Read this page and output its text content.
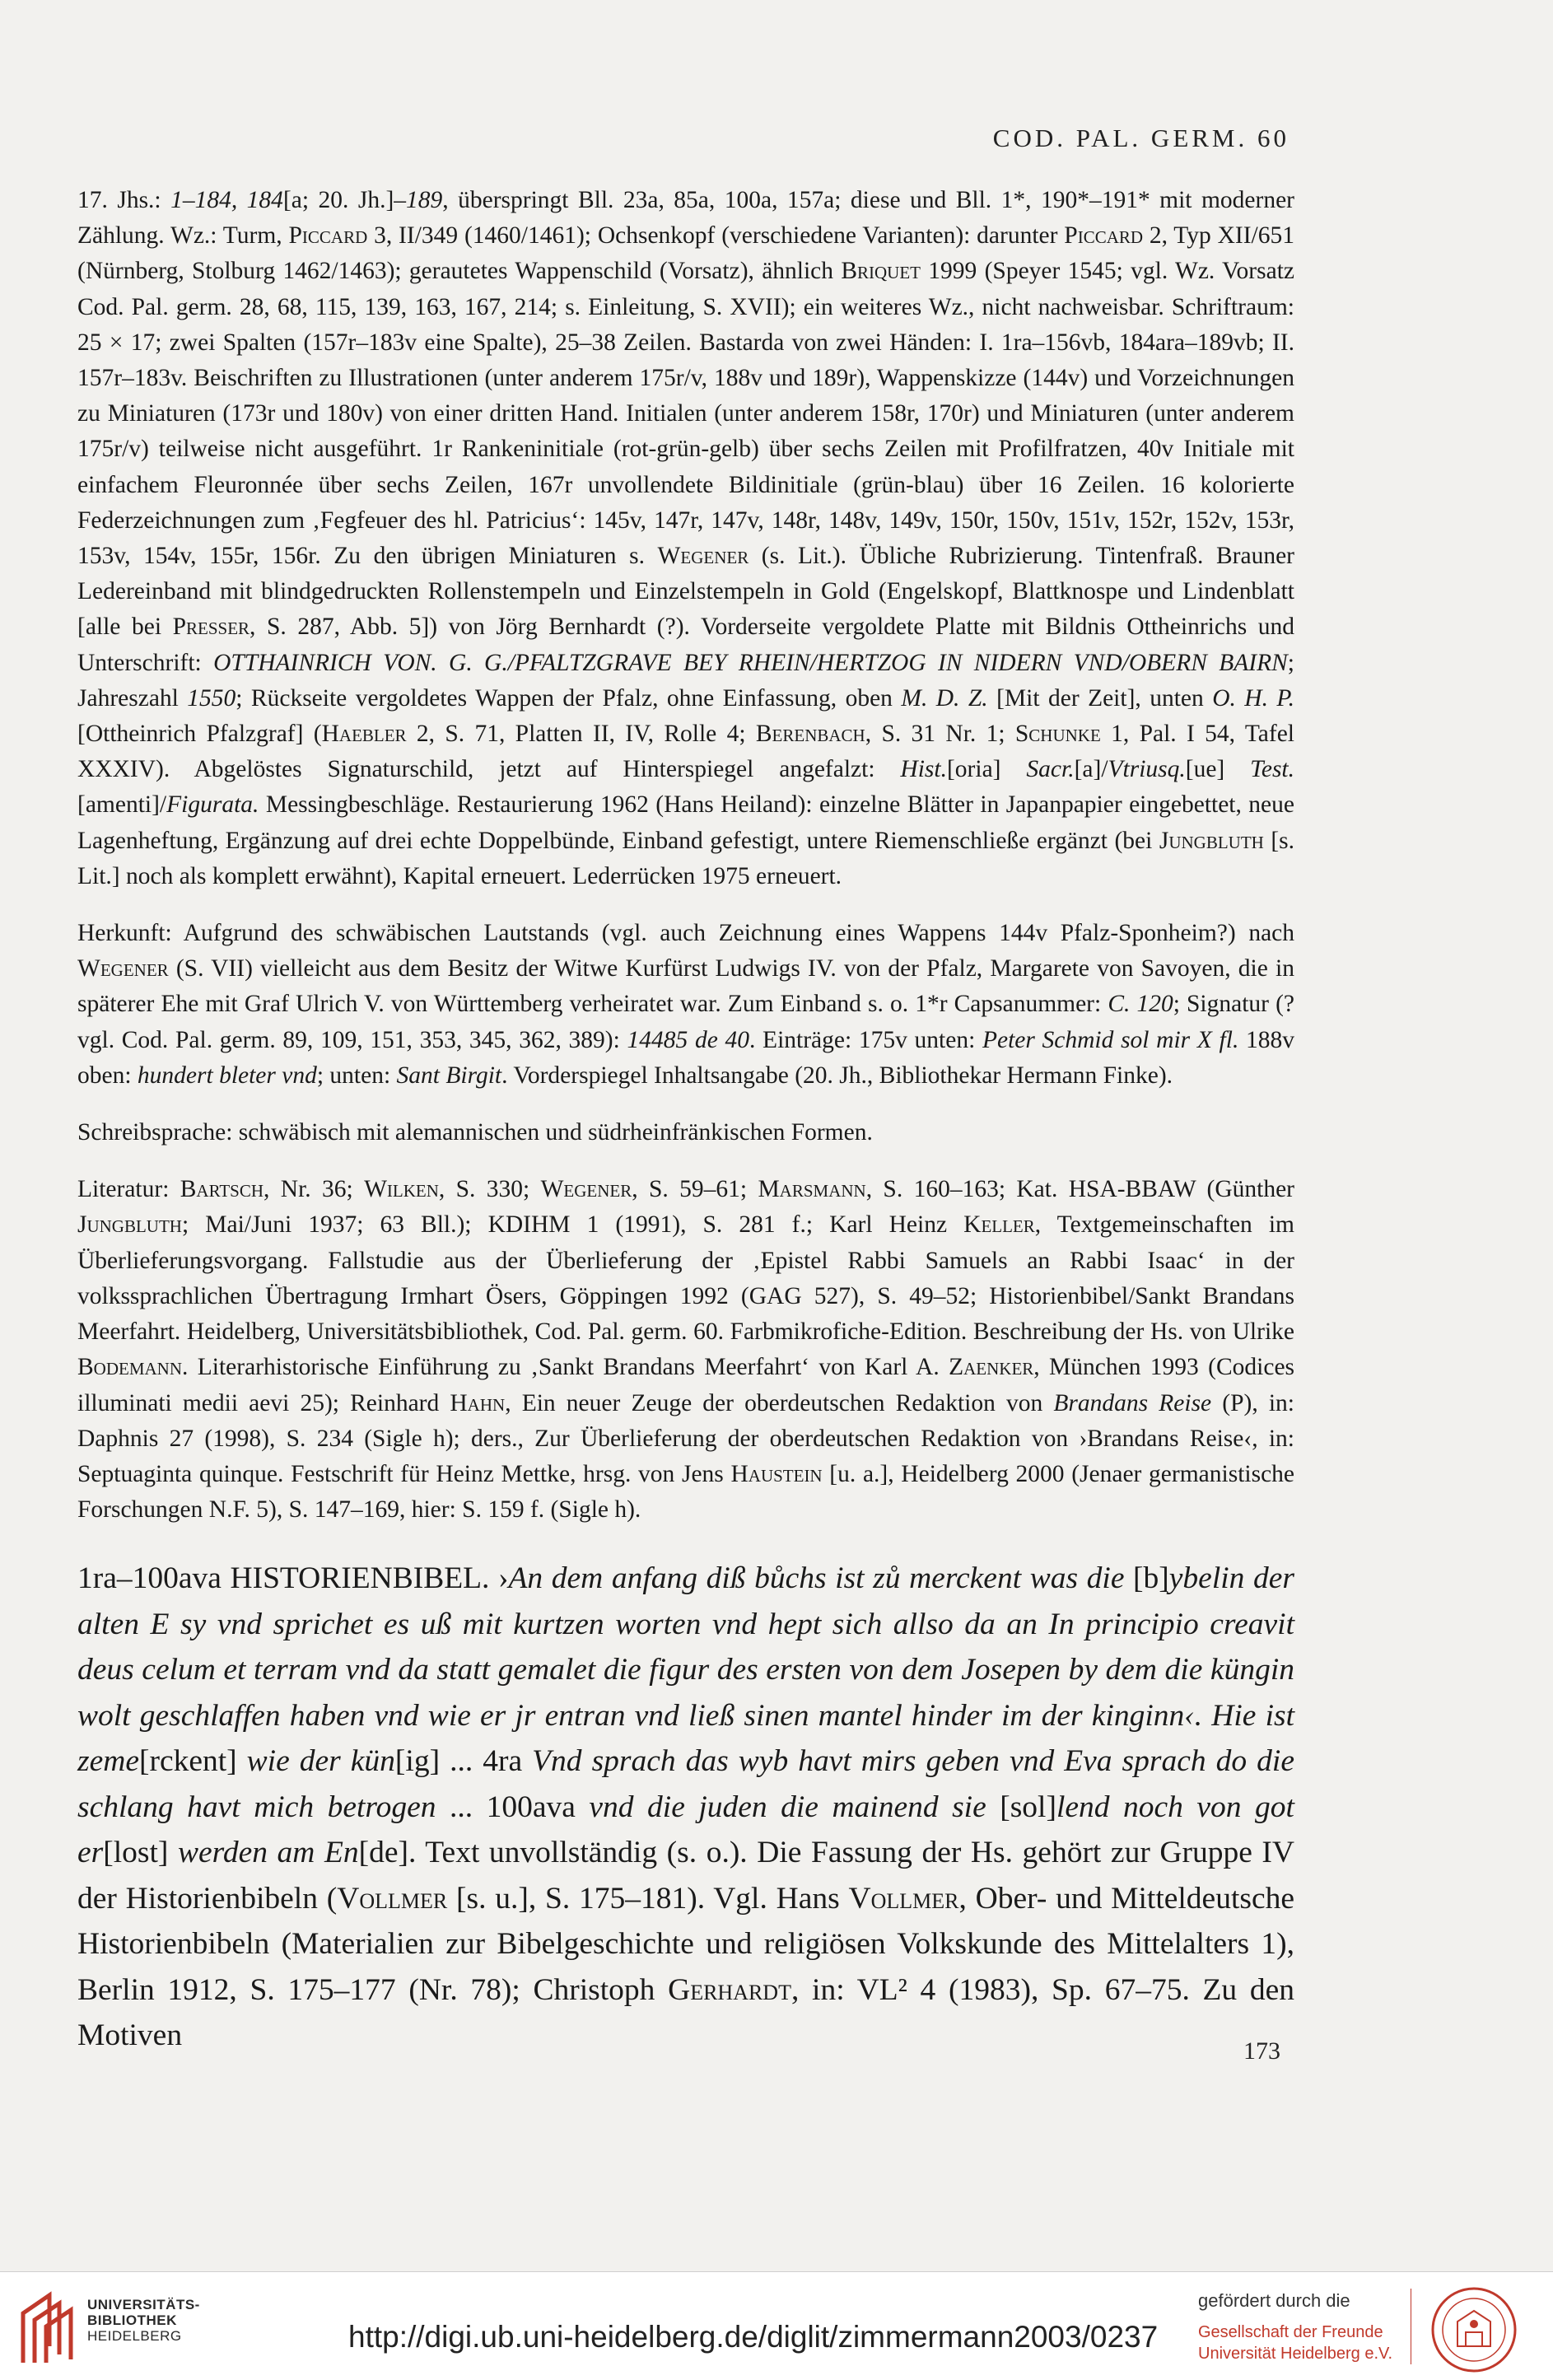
COD. PAL. GERM. 60

17. Jhs.: 1–184, 184[a; 20. Jh.]–189, überspringt Bll. 23a, 85a, 100a, 157a; diese und Bll. 1*, 190*–191* mit moderner Zählung. Wz.: Turm, Piccard 3, II/349 (1460/1461); Ochsenkopf (verschiedene Varianten): darunter Piccard 2, Typ XII/651 (Nürnberg, Stolburg 1462/1463); gerautetes Wappenschild (Vorsatz), ähnlich Briquet 1999 (Speyer 1545; vgl. Wz. Vorsatz Cod. Pal. germ. 28, 68, 115, 139, 163, 167, 214; s. Einleitung, S. XVII); ein weiteres Wz., nicht nachweisbar. Schriftraum: 25 × 17; zwei Spalten (157r–183v eine Spalte), 25–38 Zeilen. Bastarda von zwei Händen: I. 1ra–156vb, 184ara–189vb; II. 157r–183v. Beischriften zu Illustrationen (unter anderem 175r/v, 188v und 189r), Wappenskizze (144v) und Vorzeichnungen zu Miniaturen (173r und 180v) von einer dritten Hand. Initialen (unter anderem 158r, 170r) und Miniaturen (unter anderem 175r/v) teilweise nicht ausgeführt. 1r Rankeninitiale (rot-grün-gelb) über sechs Zeilen mit Profilfratzen, 40v Initiale mit einfachem Fleuronnée über sechs Zeilen, 167r unvollendete Bildinitiale (grün-blau) über 16 Zeilen. 16 kolorierte Federzeichnungen zum ‚Fegfeuer des hl. Patricius‘: 145v, 147r, 147v, 148r, 148v, 149v, 150r, 150v, 151v, 152r, 152v, 153r, 153v, 154v, 155r, 156r. Zu den übrigen Miniaturen s. Wegener (s. Lit.). Übliche Rubrizierung. Tintenfraß. Brauner Ledereinband mit blindgedruckten Rollenstempeln und Einzelstempeln in Gold (Engelskopf, Blattknospe und Lindenblatt [alle bei Presser, S. 287, Abb. 5]) von Jörg Bernhardt (?). Vorderseite vergoldete Platte mit Bildnis Ottheinrichs und Unterschrift: OTTHAINRICH VON. G. G./PFALTZGRAVE BEY RHEIN/HERTZOG IN NIDERN VND/OBERN BAIRN; Jahreszahl 1550; Rückseite vergoldetes Wappen der Pfalz, ohne Einfassung, oben M. D. Z. [Mit der Zeit], unten O. H. P. [Ottheinrich Pfalzgraf] (Haebler 2, S. 71, Platten II, IV, Rolle 4; Berenbach, S. 31 Nr. 1; Schunke 1, Pal. I 54, Tafel XXXIV). Abgelöstes Signaturschild, jetzt auf Hinterspiegel angefalzt: Hist.[oria] Sacr.[a]/Vtriusq.[ue] Test.[amenti]/Figurata. Messingbeschläge. Restaurierung 1962 (Hans Heiland): einzelne Blätter in Japanpapier eingebettet, neue Lagenheftung, Ergänzung auf drei echte Doppelbünde, Einband gefestigt, untere Riemenschließe ergänzt (bei Jungbluth [s. Lit.] noch als komplett erwähnt), Kapital erneuert. Lederrücken 1975 erneuert.

Herkunft: Aufgrund des schwäbischen Lautstands (vgl. auch Zeichnung eines Wappens 144v Pfalz-Sponheim?) nach Wegener (S. VII) vielleicht aus dem Besitz der Witwe Kurfürst Ludwigs IV. von der Pfalz, Margarete von Savoyen, die in späterer Ehe mit Graf Ulrich V. von Württemberg verheiratet war. Zum Einband s. o. 1*r Capsanummer: C. 120; Signatur (? vgl. Cod. Pal. germ. 89, 109, 151, 353, 345, 362, 389): 14485 de 40. Einträge: 175v unten: Peter Schmid sol mir X fl. 188v oben: hundert bleter vnd; unten: Sant Birgit. Vorderspiegel Inhaltsangabe (20. Jh., Bibliothekar Hermann Finke).

Schreibsprache: schwäbisch mit alemannischen und südrheinfränkischen Formen.

Literatur: Bartsch, Nr. 36; Wilken, S. 330; Wegener, S. 59–61; Marsmann, S. 160–163; Kat. HSA-BBAW (Günther Jungbluth; Mai/Juni 1937; 63 Bll.); KDIHM 1 (1991), S. 281 f.; Karl Heinz Keller, Textgemeinschaften im Überlieferungsvorgang. Fallstudie aus der Überlieferung der ‚Epistel Rabbi Samuels an Rabbi Isaac‘ in der volkssprachlichen Übertragung Irmhart Ösers, Göppingen 1992 (GAG 527), S. 49–52; Historienbibel/Sankt Brandans Meerfahrt. Heidelberg, Universitätsbibliothek, Cod. Pal. germ. 60. Farbmikrofiche-Edition. Beschreibung der Hs. von Ulrike Bodemann. Literarhistorische Einführung zu ‚Sankt Brandans Meerfahrt‘ von Karl A. Zaenker, München 1993 (Codices illuminati medii aevi 25); Reinhard Hahn, Ein neuer Zeuge der oberdeutschen Redaktion von Brandans Reise (P), in: Daphnis 27 (1998), S. 234 (Sigle h); ders., Zur Überlieferung der oberdeutschen Redaktion von ›Brandans Reise‹, in: Septuaginta quinque. Festschrift für Heinz Mettke, hrsg. von Jens Haustein [u. a.], Heidelberg 2000 (Jenaer germanistische Forschungen N.F. 5), S. 147–169, hier: S. 159 f. (Sigle h).

1ra–100ava HISTORIENBIBEL. ›An dem anfang diß bůchs ist zů merckent was die [b]ybelin der alten E sy vnd sprichet es uß mit kurtzen worten vnd hept sich allso da an In principio creavit deus celum et terram vnd da statt gemalet die figur des ersten von dem Josepen by dem die küngin wolt geschlaffen haben vnd wie er jr entran vnd ließ sinen mantel hinder im der kinginn‹. Hie ist zeme[rckent] wie der kün[ig] ... 4ra Vnd sprach das wyb havt mirs geben vnd Eva sprach do die schlang havt mich betrogen ... 100ava vnd die juden die mainend sie [sol]lend noch von got er[lost] werden am En[de]. Text unvollständig (s. o.). Die Fassung der Hs. gehört zur Gruppe IV der Historienbibeln (Vollmer [s. u.], S. 175–181). Vgl. Hans Vollmer, Ober- und Mitteldeutsche Historienbibeln (Materialien zur Bibelgeschichte und religiösen Volkskunde des Mittelalters 1), Berlin 1912, S. 175–177 (Nr. 78); Christoph Gerhardt, in: VL² 4 (1983), Sp. 67–75. Zu den Motiven	173
UNIVERSITÄTS-
BIBLIOTHEK
HEIDELBERG	http://digi.ub.uni-heidelberg.de/diglit/zimmermann2003/0237
gefördert durch die
Gesellschaft der Freunde
Universität Heidelberg e.V.
